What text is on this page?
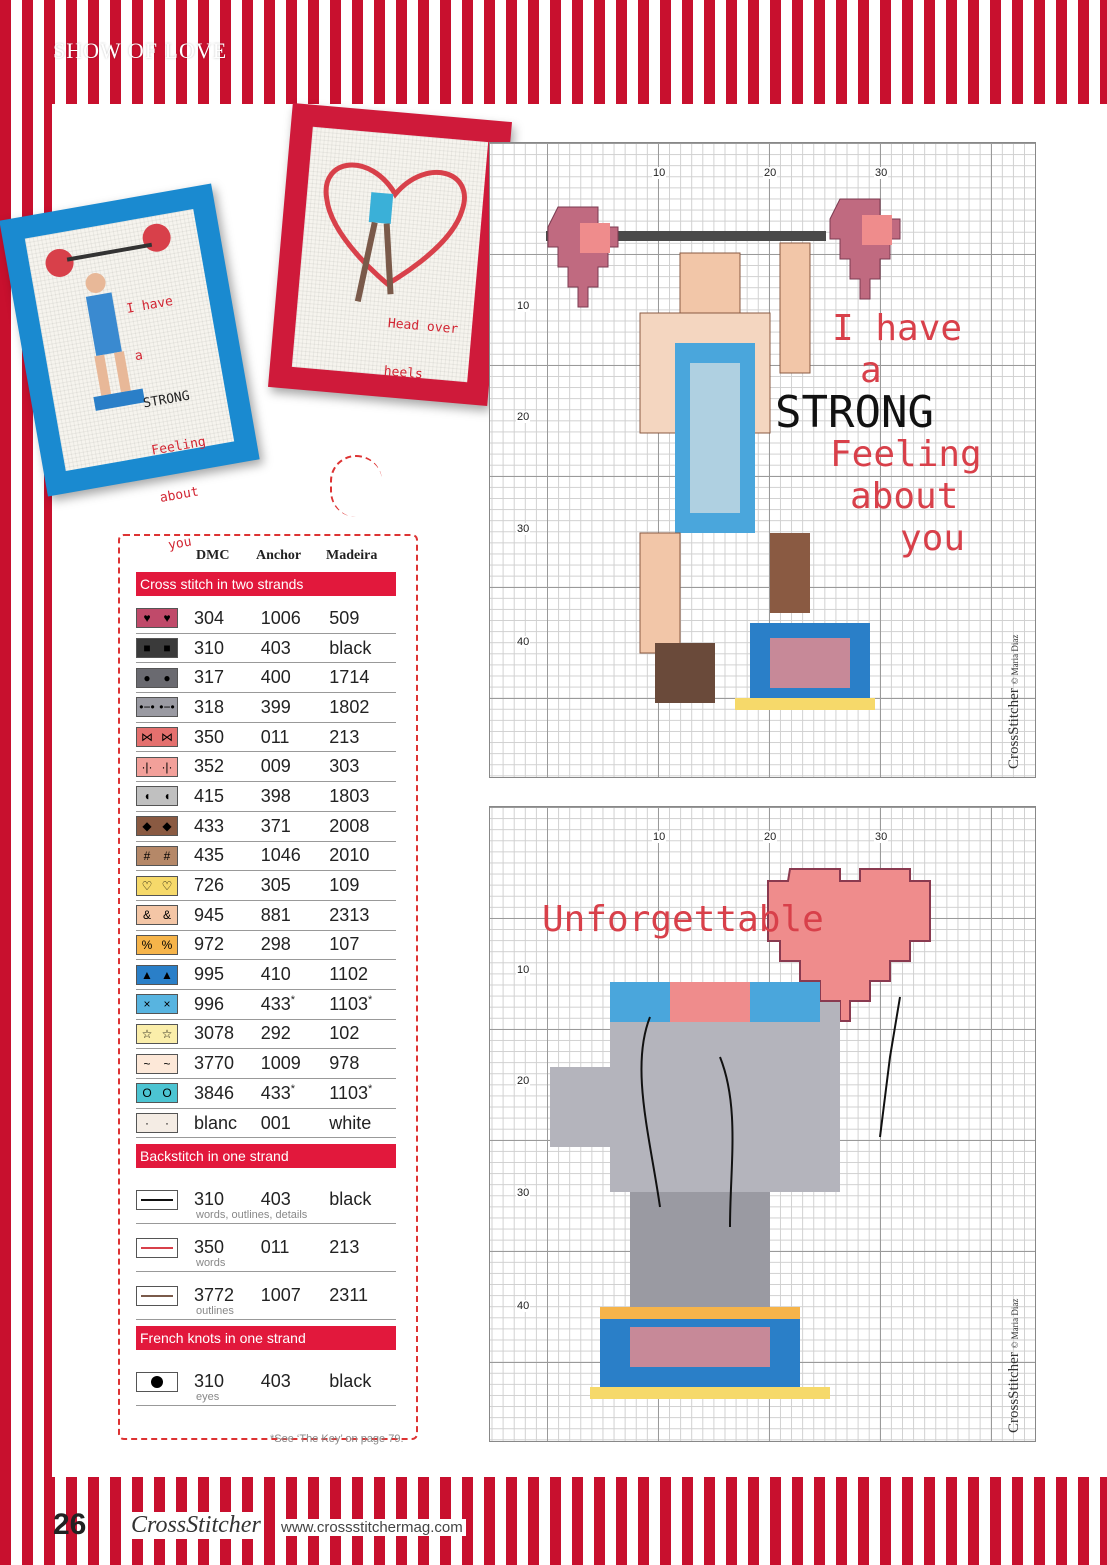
SHOW OF LOVE

I have

a

STRONG

Feeling

about

you

Head over

heels

DMC	Anchor	Madeira
Cross stitch in two strands
♥ ♥ 304	1006	509
■ ■ 310	403	black
● ● 317	400	1714
•−• •−• 318	399	1802
⋈ ⋈ 350	011	213
·|· ·|· 352	009	303
◖ ◖ 415	398	1803
◆ ◆ 433	371	2008
# # 435	1046	2010
♡ ♡ 726	305	109
& & 945	881	2313
% % 972	298	107
▲ ▲ 995	410	1102
× × 996	433*	1103*
☆ ☆ 3078	292	102
~ ~ 3770	1009	978
O O 3846	433*	1103*
· · blanc	001	white
Backstitch in one strand
310	403	black
words, outlines, details
350	011	213
words
3772	1007	2311
outlines
French knots in one strand
310	403	black
eyes
*See ‘The Key’ on page 79.
10	20	30
10
20
30
40
I have
a
STRONG
Feeling
about
you
CrossStitcher © Maria Diaz
10	20	30
10
20
30
40
Unforgettable
CrossStitcher © Maria Diaz
26 CrossStitcher www.crossstitchermag.com
